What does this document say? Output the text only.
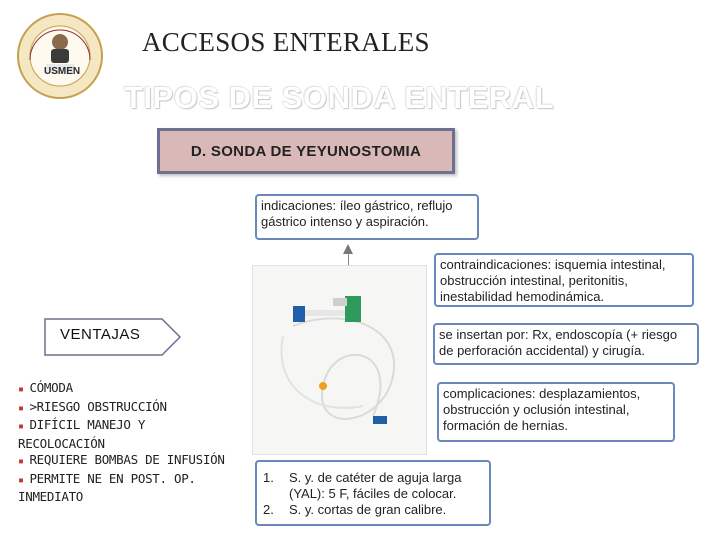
USMEN
ACCESOS ENTERALES
TIPOS DE SONDA ENTERAL
D. SONDA DE YEYUNOSTOMIA
indicaciones: íleo gástrico, reflujo gástrico intenso y aspiración.
contraindicaciones: isquemia intestinal, obstrucción intestinal, peritonitis, inestabilidad hemodinámica.
se insertan por: Rx, endoscopía (+ riesgo de perforación accidental) y cirugía.
complicaciones: desplazamientos, obstrucción y oclusión intestinal, formación de hernias.
1.	S. y. de catéter de aguja larga (YAL): 5 F, fáciles de colocar.
2.	S. y. cortas de gran calibre.
VENTAJAS
▪ CÓMODA
▪ >RIESGO OBSTRUCCIÓN
▪ DIFÍCIL MANEJO Y RECOLOCACIÓN
▪ REQUIERE BOMBAS DE INFUSIÓN
▪ PERMITE NE EN POST. OP. INMEDIATO
